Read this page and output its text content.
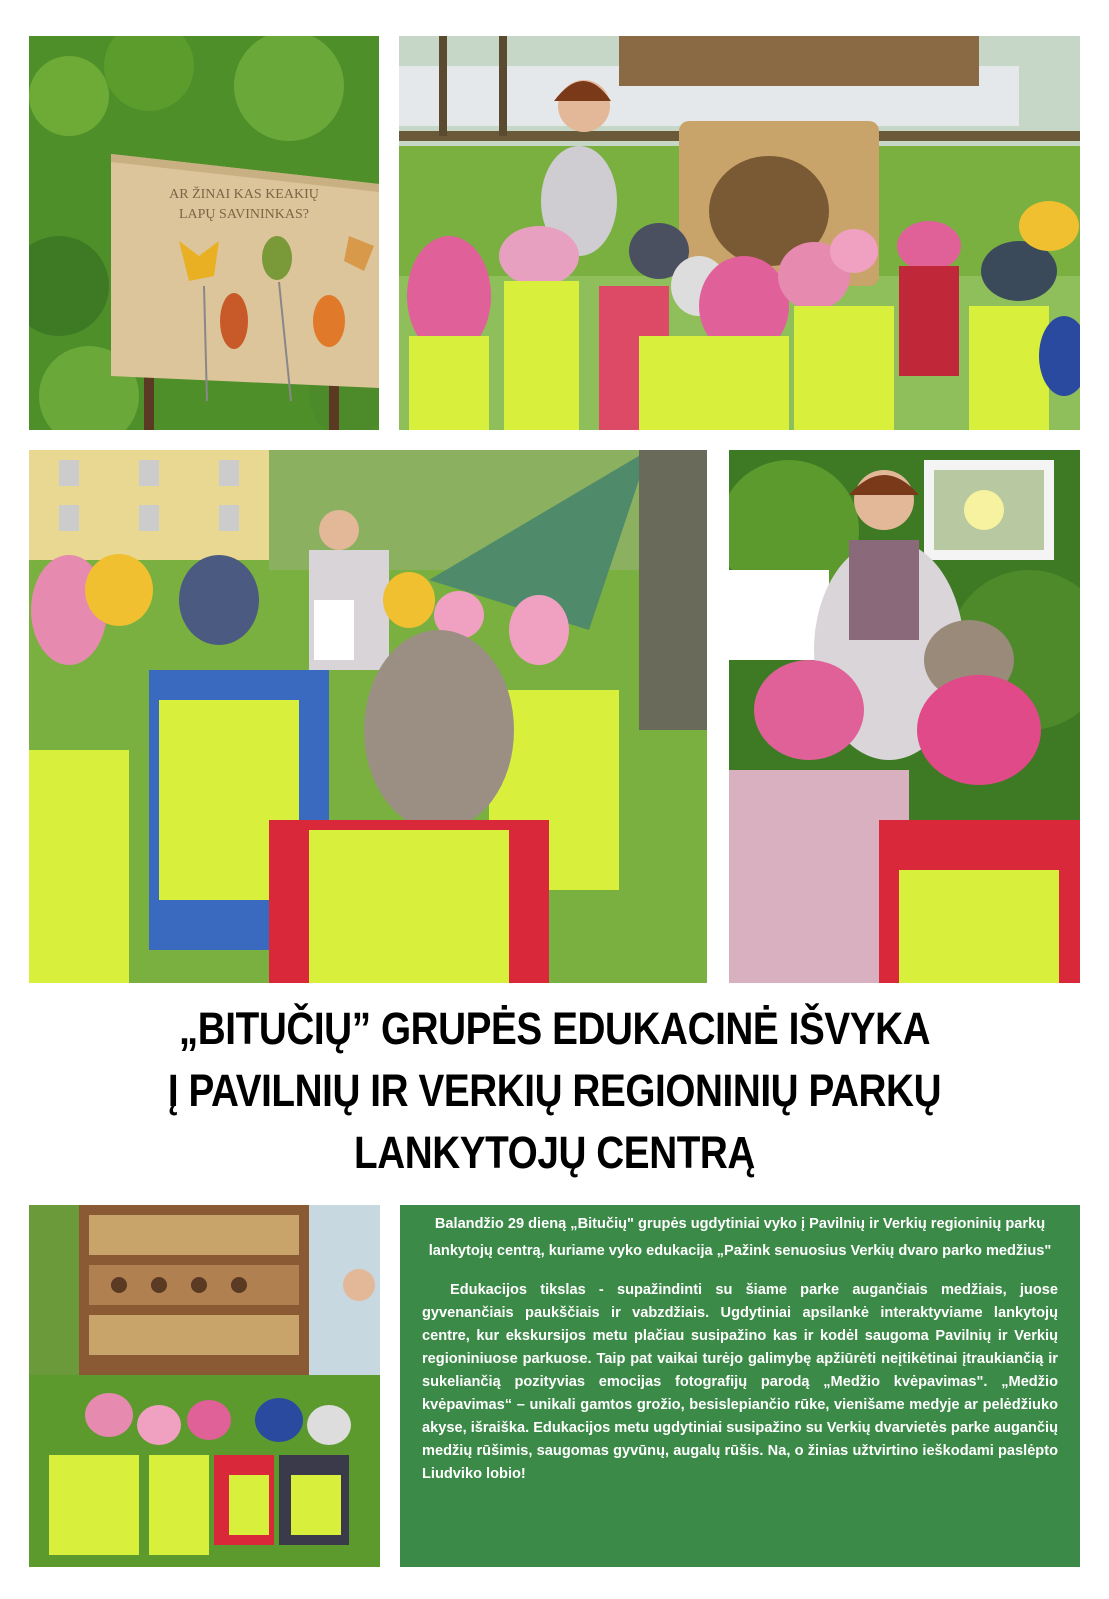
AR ŽINAI KAS KEAKIŲ
LAPŲ SAVININKAS?
„BITUČIŲ” GRUPĖS EDUKACINĖ IŠVYKA
Į PAVILNIŲ IR VERKIŲ REGIONINIŲ PARKŲ
LANKYTOJŲ CENTRĄ

Balandžio 29 dieną „Bitučių" grupės ugdytiniai vyko į Pavilnių ir Verkių regioninių parkų lankytojų centrą, kuriame vyko edukacija „Pažink senuosius Verkių dvaro parko medžius"

Edukacijos tikslas - supažindinti su šiame parke augančiais medžiais, juose gyvenančiais paukščiais ir vabzdžiais. Ugdytiniai apsilankė interaktyviame lankytojų centre, kur ekskursijos metu plačiau susipažino kas ir kodėl saugoma Pavilnių ir Verkių regioniniuose parkuose. Taip pat vaikai turėjo galimybę apžiūrėti neįtikėtinai įtraukiančią ir sukeliančią pozityvias emocijas fotografijų parodą „Medžio kvėpavimas". „Medžio kvėpavimas“ – unikali gamtos grožio, besislepiančio rūke, vienišame medyje ar pelėdžiuko akyse, išraiška. Edukacijos metu ugdytiniai susipažino su Verkių dvarvietės parke augančių medžių rūšimis, saugomas gyvūnų, augalų rūšis. Na, o žinias užtvirtino ieškodami paslėpto Liudviko lobio!
